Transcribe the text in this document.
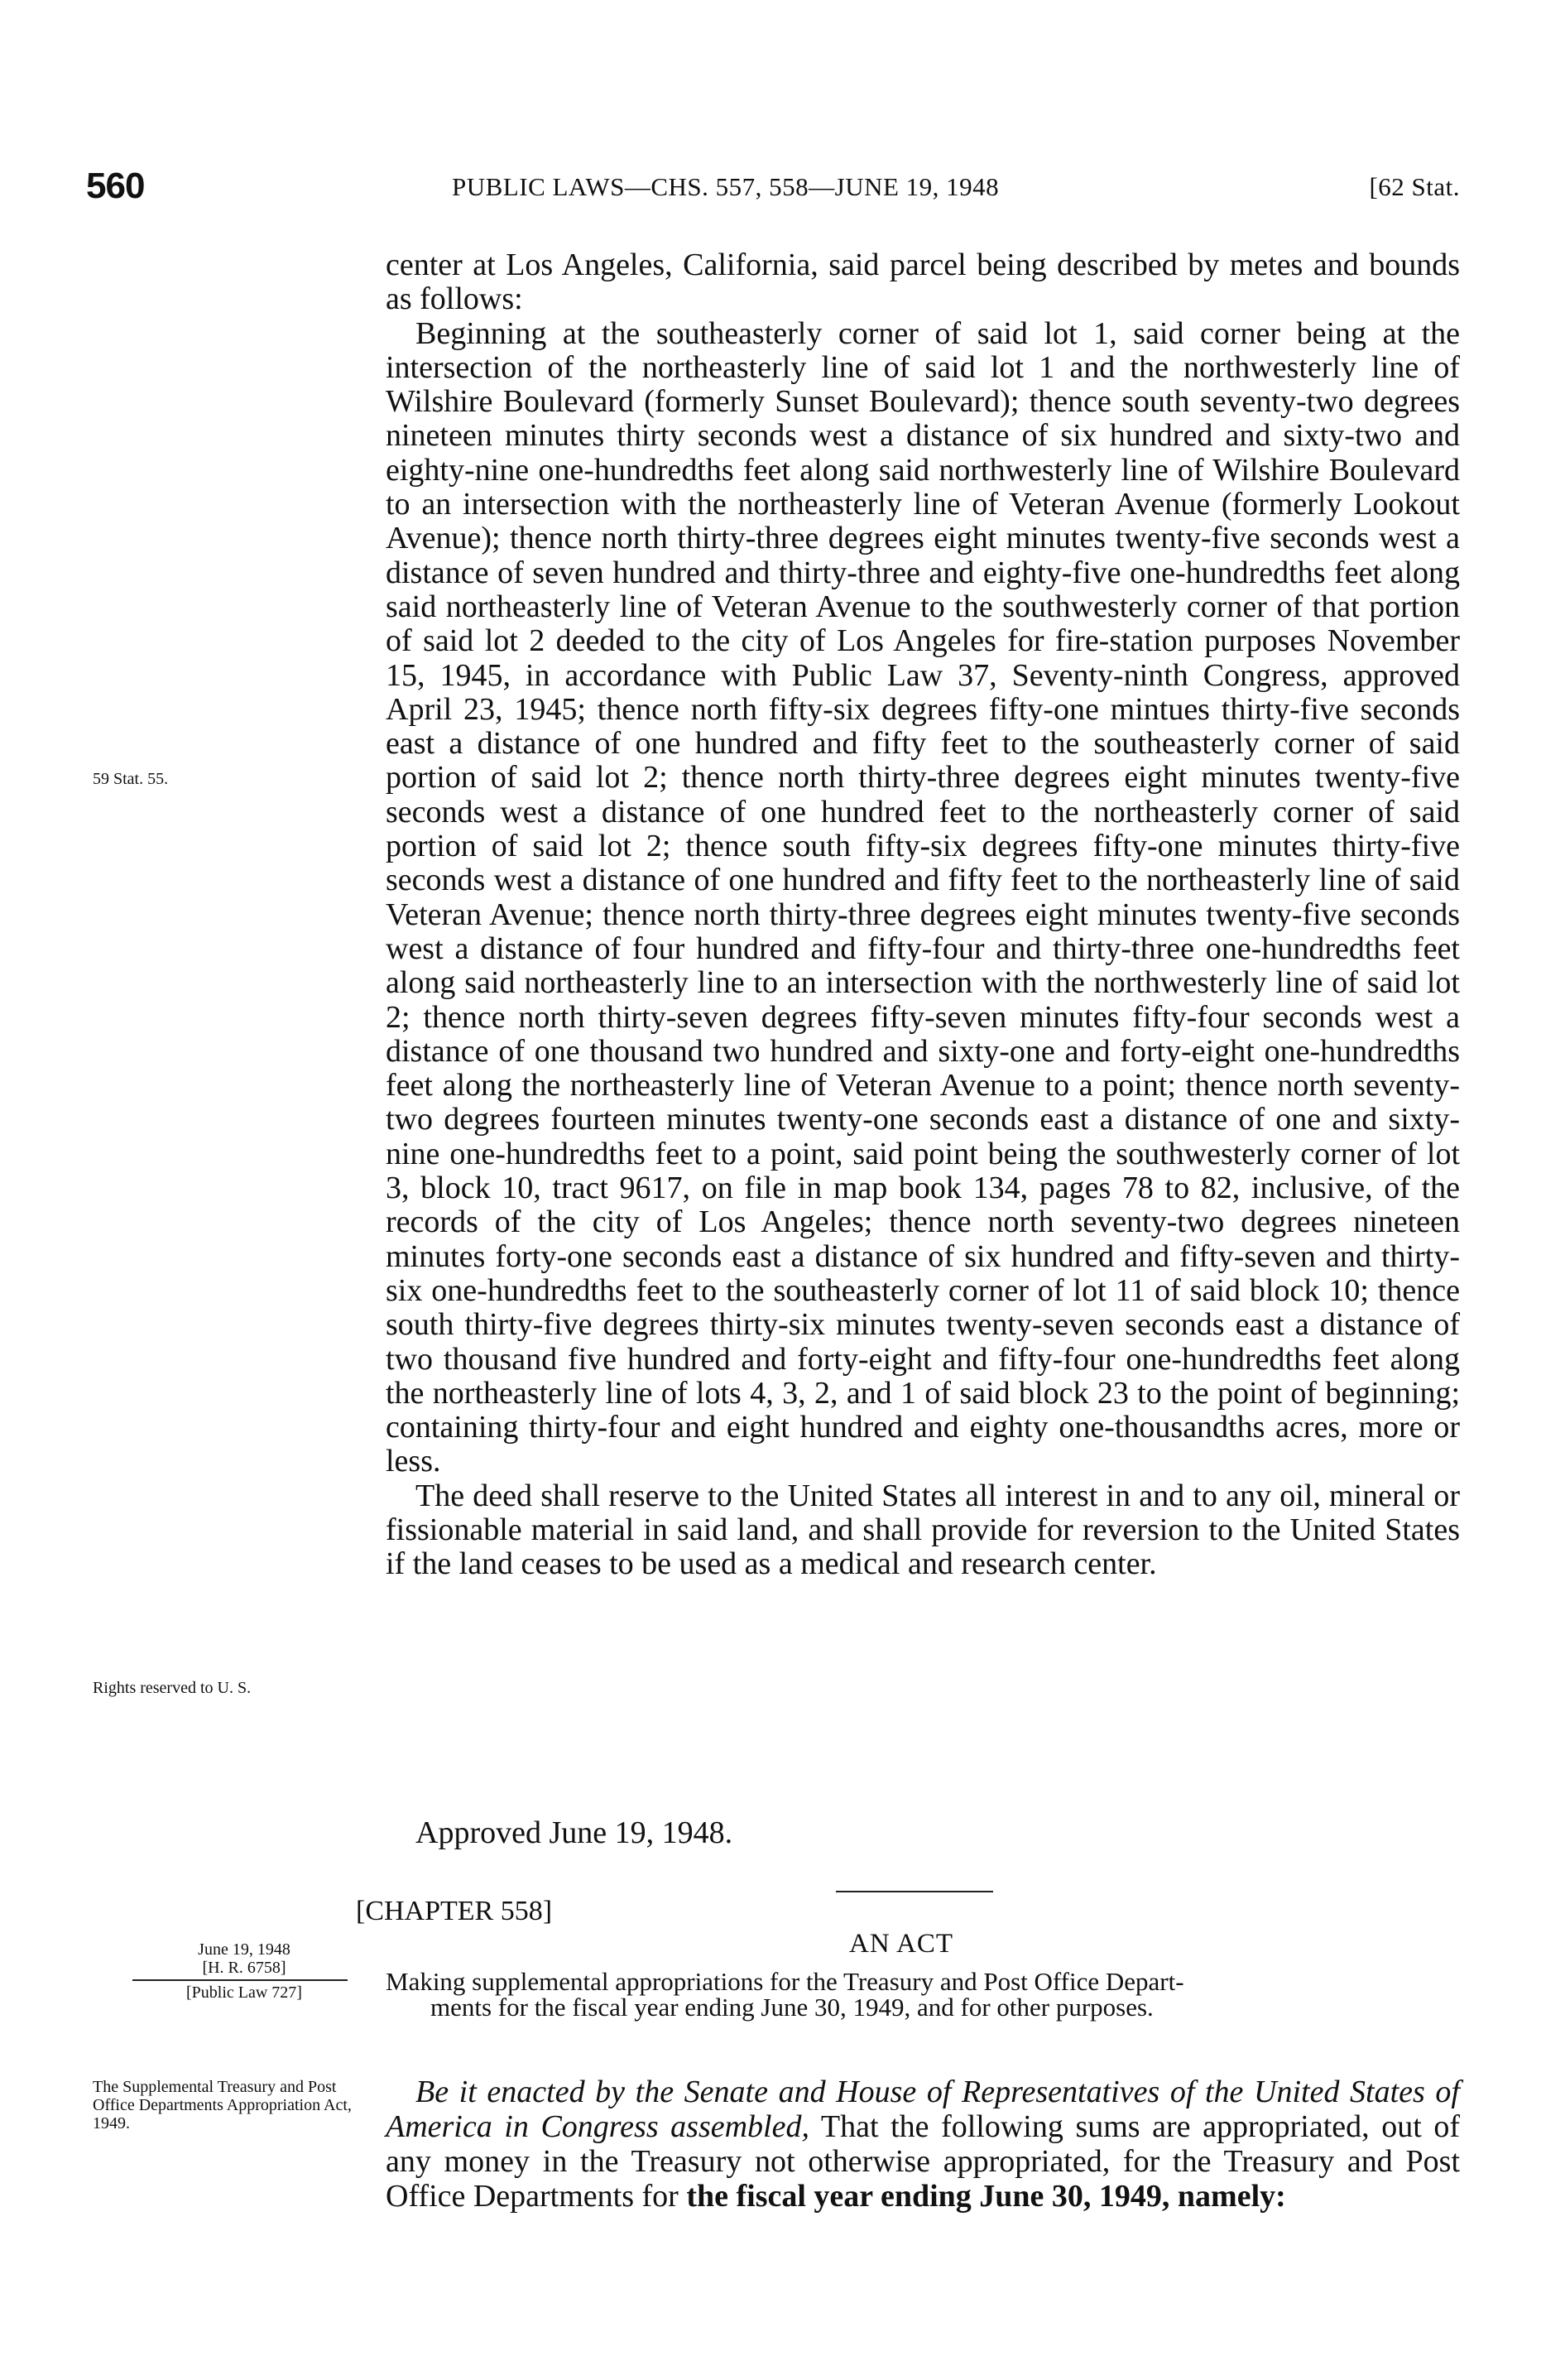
560	PUBLIC LAWS—CHS. 557, 558—JUNE 19, 1948	[62 Stat.

center at Los Angeles, California, said parcel being described by metes and bounds as follows:

Beginning at the southeasterly corner of said lot 1, said corner being at the intersection of the northeasterly line of said lot 1 and the northwesterly line of Wilshire Boulevard (formerly Sunset Boulevard); thence south seventy-two degrees nineteen minutes thirty seconds west a distance of six hundred and sixty-two and eighty-nine one-hundredths feet along said northwesterly line of Wilshire Boulevard to an intersection with the northeasterly line of Veteran Avenue (formerly Lookout Avenue); thence north thirty-three degrees eight minutes twenty-five seconds west a distance of seven hundred and thirty-three and eighty-five one-hundredths feet along said northeasterly line of Veteran Avenue to the southwesterly corner of that portion of said lot 2 deeded to the city of Los Angeles for fire-station purposes November 15, 1945, in accordance with Public Law 37, Seventy-ninth Congress, approved April 23, 1945; thence north fifty-six degrees fifty-one mintues thirty-five seconds east a distance of one hundred and fifty feet to the southeasterly corner of said portion of said lot 2; thence north thirty-three degrees eight minutes twenty-five seconds west a distance of one hundred feet to the northeasterly corner of said portion of said lot 2; thence south fifty-six degrees fifty-one minutes thirty-five seconds west a distance of one hundred and fifty feet to the northeasterly line of said Veteran Avenue; thence north thirty-three degrees eight minutes twenty-five seconds west a distance of four hundred and fifty-four and thirty-three one-hundredths feet along said northeasterly line to an intersection with the northwesterly line of said lot 2; thence north thirty-seven degrees fifty-seven minutes fifty-four seconds west a distance of one thousand two hundred and sixty-one and forty-eight one-hundredths feet along the northeasterly line of Veteran Avenue to a point; thence north seventy-two degrees fourteen minutes twenty-one seconds east a distance of one and sixty-nine one-hundredths feet to a point, said point being the southwesterly corner of lot 3, block 10, tract 9617, on file in map book 134, pages 78 to 82, inclusive, of the records of the city of Los Angeles; thence north seventy-two degrees nineteen minutes forty-one seconds east a distance of six hundred and fifty-seven and thirty-six one-hundredths feet to the southeasterly corner of lot 11 of said block 10; thence south thirty-five degrees thirty-six minutes twenty-seven seconds east a distance of two thousand five hundred and forty-eight and fifty-four one-hundredths feet along the northeasterly line of lots 4, 3, 2, and 1 of said block 23 to the point of beginning; containing thirty-four and eight hundred and eighty one-thousandths acres, more or less.

The deed shall reserve to the United States all interest in and to any oil, mineral or fissionable material in said land, and shall provide for reversion to the United States if the land ceases to be used as a medical and research center.

59 Stat. 55.
Rights reserved to U. S.
Approved June 19, 1948.
[CHAPTER 558]
AN ACT
June 19, 1948
[H. R. 6758]
[Public Law 727]	Making supplemental appropriations for the Treasury and Post Office Depart-
ments for the fiscal year ending June 30, 1949, and for other purposes.
The Supplemental Treasury and Post Office Departments Appropriation Act, 1949.
Be it enacted by the Senate and House of Representatives of the United States of America in Congress assembled, That the following sums are appropriated, out of any money in the Treasury not otherwise appropriated, for the Treasury and Post Office Departments for the fiscal year ending June 30, 1949, namely:
